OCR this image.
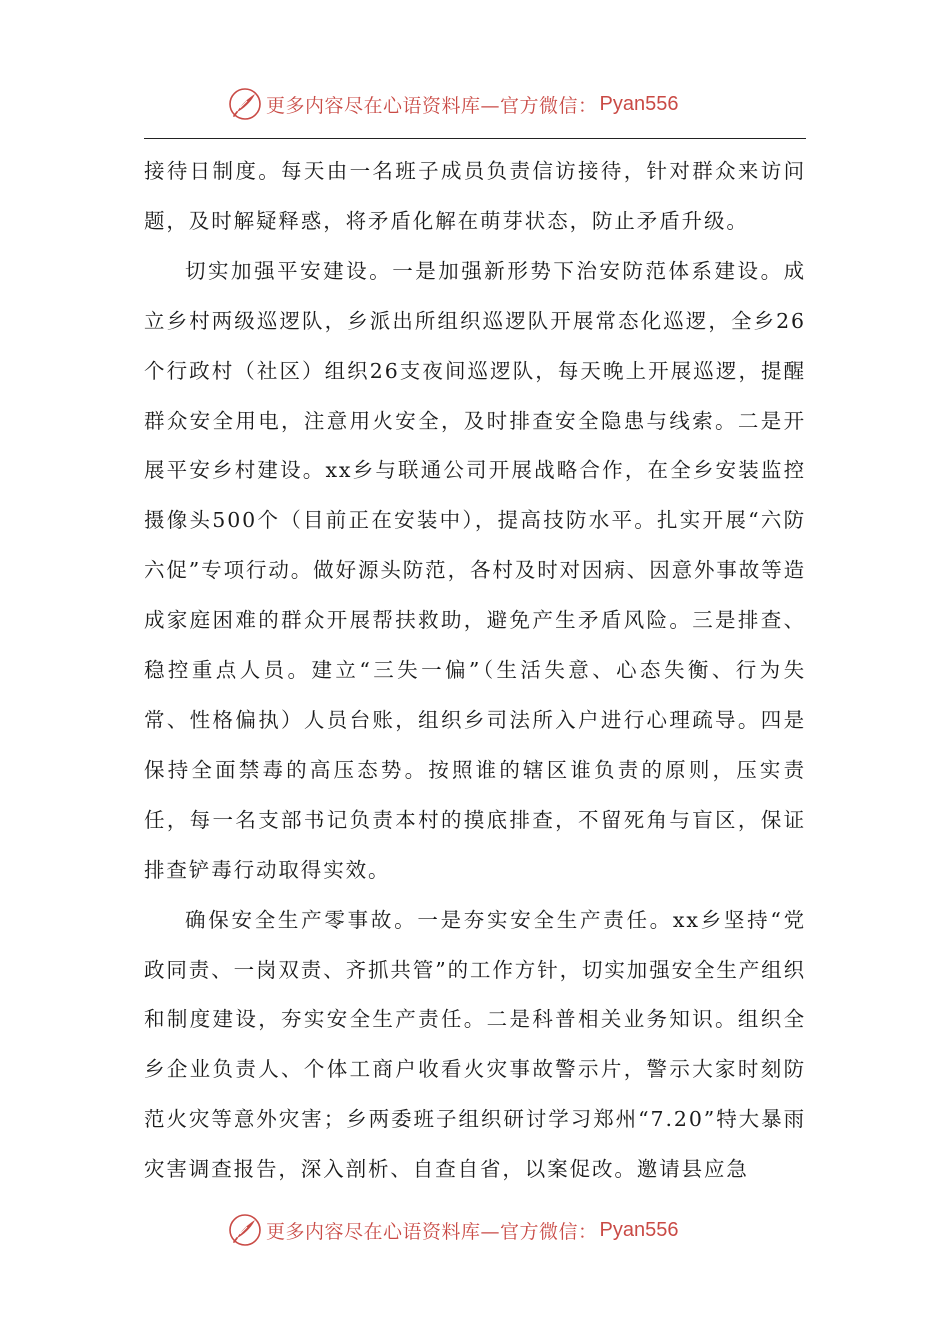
更多内容尽在心语资料库—官方微信： Pyan556

接待日制度。每天由一名班子成员负责信访接待，针对群众来访问题，及时解疑释惑，将矛盾化解在萌芽状态，防止矛盾升级。

切实加强平安建设。一是加强新形势下治安防范体系建设。成立乡村两级巡逻队，乡派出所组织巡逻队开展常态化巡逻，全乡26个行政村（社区）组织26支夜间巡逻队，每天晚上开展巡逻，提醒群众安全用电，注意用火安全，及时排查安全隐患与线索。二是开展平安乡村建设。xx乡与联通公司开展战略合作，在全乡安装监控摄像头500个（目前正在安装中），提高技防水平。扎实开展“六防六促”专项行动。做好源头防范，各村及时对因病、因意外事故等造成家庭困难的群众开展帮扶救助，避免产生矛盾风险。三是排查、稳控重点人员。建立“三失一偏”（生活失意、心态失衡、行为失常、性格偏执）人员台账，组织乡司法所入户进行心理疏导。四是保持全面禁毒的高压态势。按照谁的辖区谁负责的原则，压实责任，每一名支部书记负责本村的摸底排查，不留死角与盲区，保证排查铲毒行动取得实效。

确保安全生产零事故。一是夯实安全生产责任。xx乡坚持“党政同责、一岗双责、齐抓共管”的工作方针，切实加强安全生产组织和制度建设，夯实安全生产责任。二是科普相关业务知识。组织全乡企业负责人、个体工商户收看火灾事故警示片，警示大家时刻防范火灾等意外灾害；乡两委班子组织研讨学习郑州“7.20”特大暴雨灾害调查报告，深入剖析、自查自省，以案促改。邀请县应急

更多内容尽在心语资料库—官方微信： Pyan556
